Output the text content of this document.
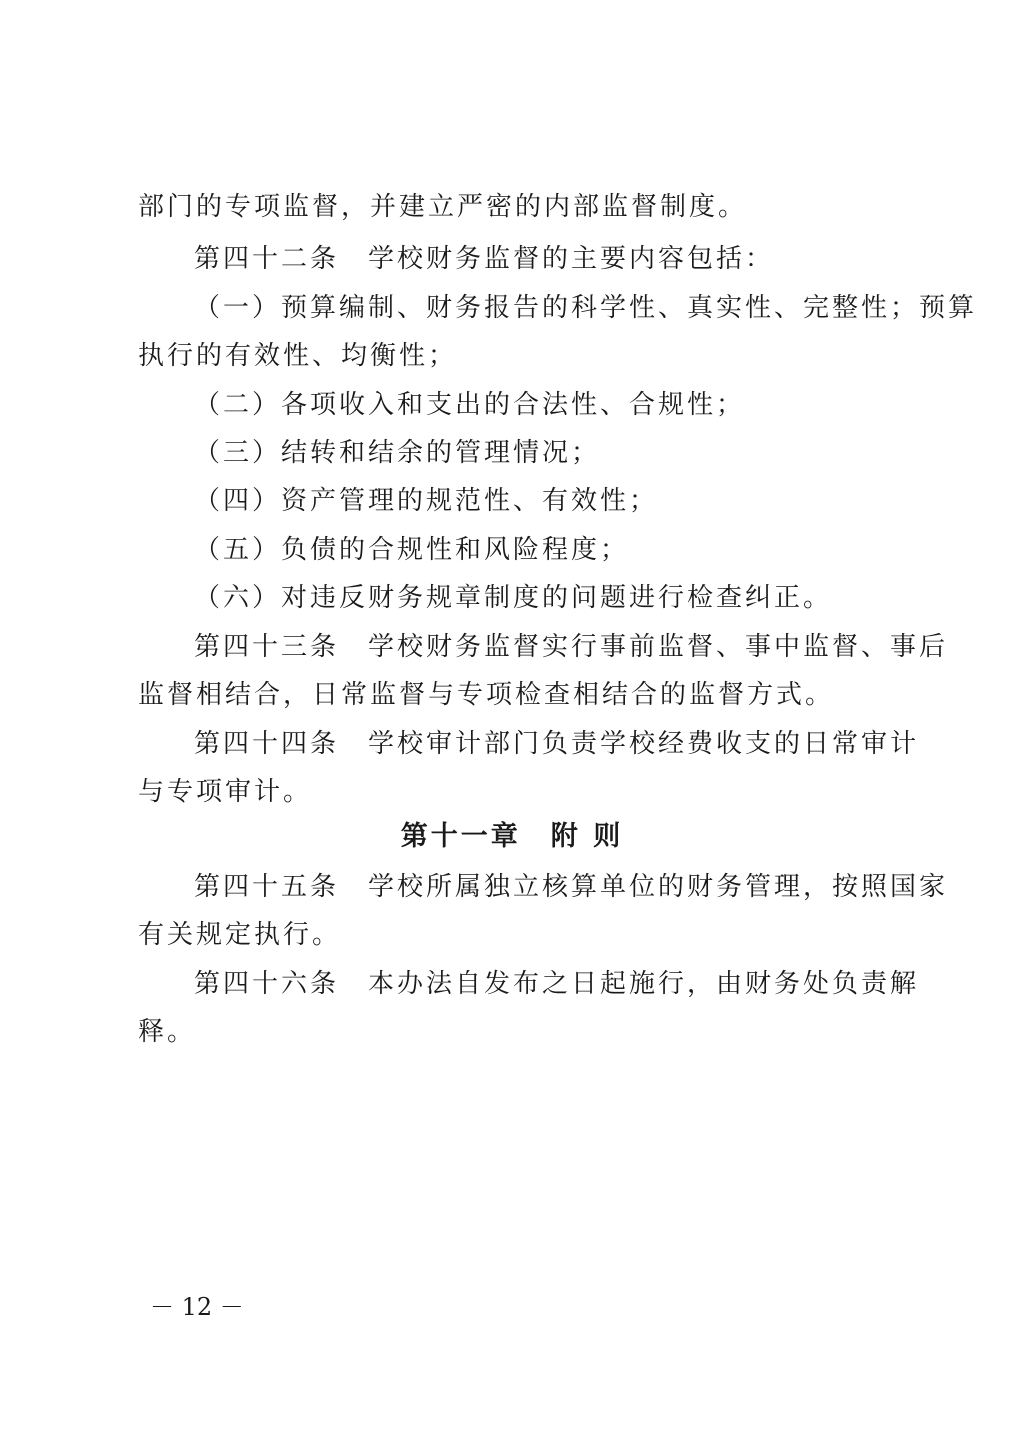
部门的专项监督，并建立严密的内部监督制度。
第四十二条　学校财务监督的主要内容包括：
（一）预算编制、财务报告的科学性、真实性、完整性；预算
执行的有效性、均衡性；
（二）各项收入和支出的合法性、合规性；
（三）结转和结余的管理情况；
（四）资产管理的规范性、有效性；
（五）负债的合规性和风险程度；
（六）对违反财务规章制度的问题进行检查纠正。
第四十三条　学校财务监督实行事前监督、事中监督、事后
监督相结合，日常监督与专项检查相结合的监督方式。
第四十四条　学校审计部门负责学校经费收支的日常审计
与专项审计。
第十一章　附 则
第四十五条　学校所属独立核算单位的财务管理，按照国家
有关规定执行。
第四十六条　本办法自发布之日起施行，由财务处负责解
释。
－ 12 －
